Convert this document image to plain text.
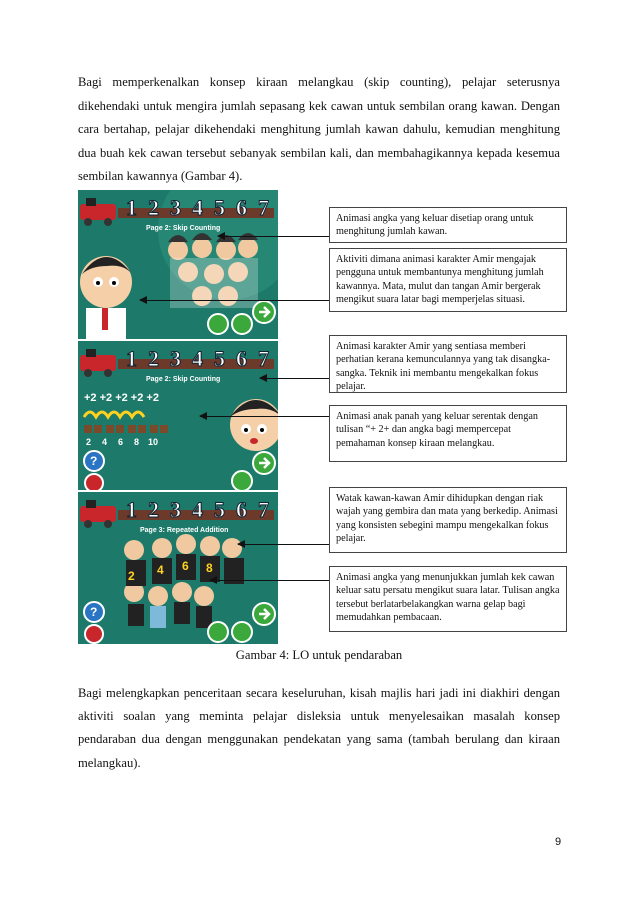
Bagi memperkenalkan konsep kiraan melangkau (skip counting), pelajar seterusnya dikehendaki untuk mengira jumlah sepasang kek cawan untuk sembilan orang kawan. Dengan cara bertahap, pelajar dikehendaki menghitung jumlah kawan dahulu, kemudian menghitung dua buah kek cawan tersebut sebanyak sembilan kali, dan membahagikannya kepada kesemua sembilan kawannya (Gambar 4).

1 2 3 4 5 6 7
Page 2: Skip Counting
1 2 3 4 5 6 7
Page 2: Skip Counting
+2 +2 +2 +2 +2
2 4 6 8 10
?
1 2 3 4 5 6 7
Page 3: Repeated Addition
2 4 6 8
?
Animasi angka yang keluar disetiap orang untuk menghitung jumlah kawan.
Aktiviti dimana animasi karakter Amir mengajak pengguna untuk membantunya menghitung jumlah kawannya. Mata, mulut dan tangan Amir bergerak mengikut suara latar bagi memperjelas situasi.
Animasi karakter Amir yang sentiasa memberi perhatian kerana kemunculannya yang tak disangka-sangka. Teknik ini membantu mengekalkan fokus pelajar.
Animasi anak panah yang keluar serentak dengan tulisan “+ 2+ dan angka bagi mempercepat pemahaman konsep kiraan melangkau.
Watak kawan-kawan Amir dihidupkan dengan riak wajah yang gembira dan mata yang berkedip. Animasi yang konsisten sebegini mampu mengekalkan fokus pelajar.
Animasi angka yang menunjukkan jumlah kek cawan keluar satu persatu mengikut suara latar. Tulisan angka tersebut berlatarbelakangkan warna gelap bagi memudahkan pembacaan.
Gambar 4: LO untuk pendaraban

Bagi melengkapkan penceritaan secara keseluruhan, kisah majlis hari jadi ini diakhiri dengan aktiviti soalan yang meminta pelajar disleksia untuk menyelesaikan masalah konsep pendaraban dua dengan menggunakan pendekatan yang sama (tambah berulang dan kiraan melangkau).

9
